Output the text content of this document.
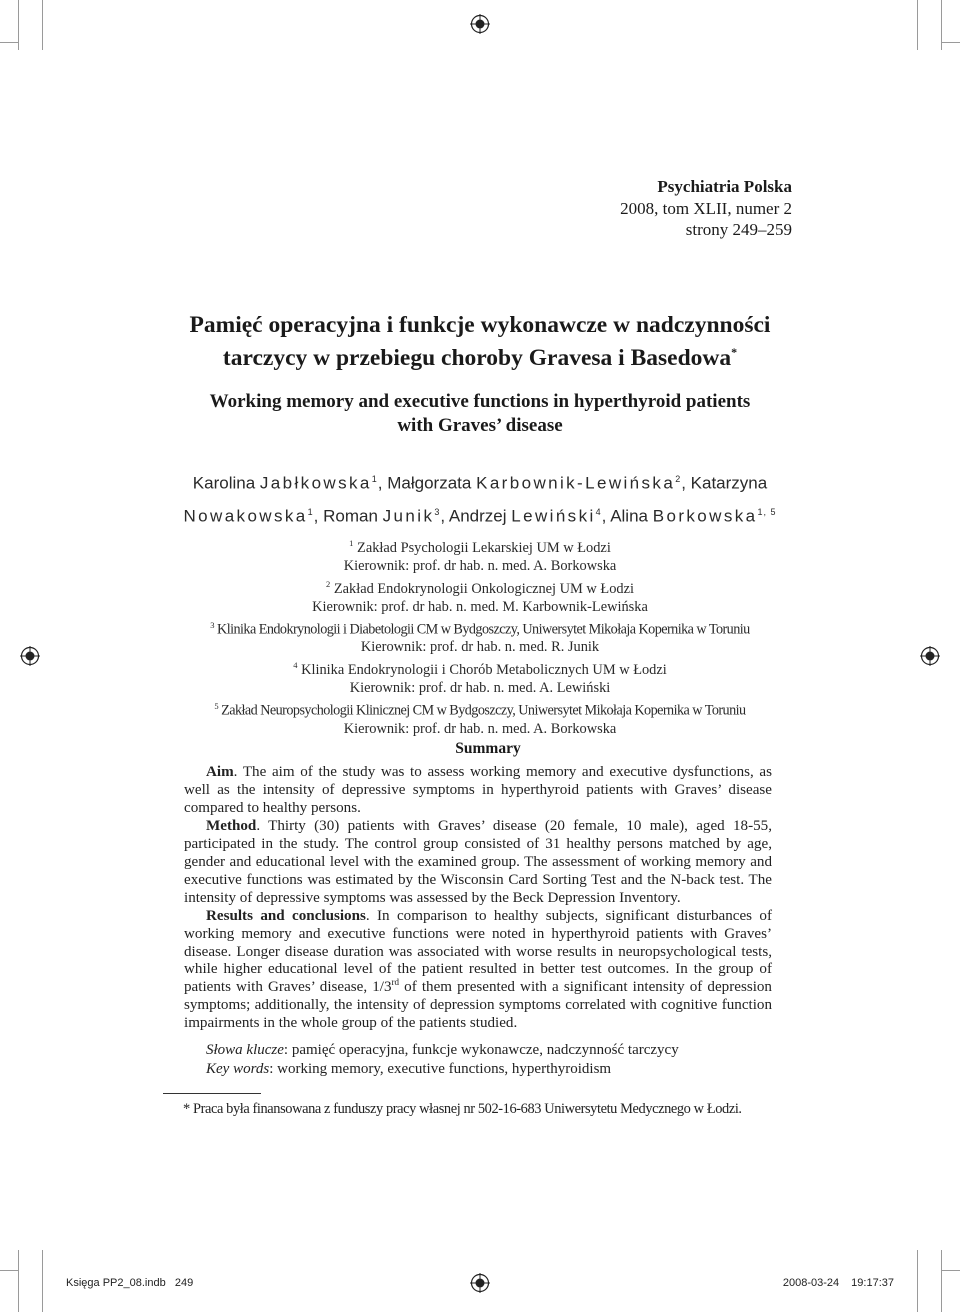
Psychiatria Polska
2008, tom XLII, numer 2
strony 249–259
Pamięć operacyjna i funkcje wykonawcze w nadczynności
tarczycy w przebiegu choroby Gravesa i Basedowa*
Working memory and executive functions in hyperthyroid patients
with Graves’ disease
Karolina Jabłkowska$^1$, Małgorzata Karbownik-Lewińska$^2$, Katarzyna
Nowakowska$^1$, Roman Junik$^3$, Andrzej Lewiński$^4$, Alina Borkowska$^{1, 5}$
$^1$ Zakład Psychologii Lekarskiej UM w Łodzi
Kierownik: prof. dr hab. n. med. A. Borkowska
$^2$ Zakład Endokrynologii Onkologicznej UM w Łodzi
Kierownik: prof. dr hab. n. med. M. Karbownik-Lewińska
$^3$ Klinika Endokrynologii i Diabetologii CM w Bydgoszczy, Uniwersytet Mikołaja Kopernika w Toruniu
Kierownik: prof. dr hab. n. med. R. Junik
$^4$ Klinika Endokrynologii i Chorób Metabolicznych UM w Łodzi
Kierownik: prof. dr hab. n. med. A. Lewiński
$^5$ Zakład Neuropsychologii Klinicznej CM w Bydgoszczy, Uniwersytet Mikołaja Kopernika w Toruniu
Kierownik: prof. dr hab. n. med. A. Borkowska
Summary

Aim. The aim of the study was to assess working memory and executive dysfunctions, as well as the intensity of depressive symptoms in hyperthyroid patients with Graves’ disease compared to healthy persons.

Method. Thirty (30) patients with Graves’ disease (20 female, 10 male), aged 18-55, participated in the study. The control group consisted of 31 healthy persons matched by age, gender and educational level with the examined group. The assessment of working memory and executive functions was estimated by the Wisconsin Card Sorting Test and the N-back test. The intensity of depressive symptoms was assessed by the Beck Depression Inventory.

Results and conclusions. In comparison to healthy subjects, significant disturbances of working memory and executive functions were noted in hyperthyroid patients with Graves’ disease. Longer disease duration was associated with worse results in neuropsychological tests, while higher educational level of the patient resulted in better test outcomes. In the group of patients with Graves’ disease, 1/3rd of them presented with a significant intensity of depression symptoms; additionally, the intensity of depression symptoms correlated with cognitive function impairments in the whole group of the patients studied.

Słowa klucze: pamięć operacyjna, funkcje wykonawcze, nadczynność tarczycy
Key words: working memory, executive functions, hyperthyroidism
* Praca była finansowana z funduszy pracy własnej nr 502-16-683 Uniwersytetu Medycznego w Łodzi.
Księga PP2_08.indb 249	2008-03-24 19:17:37
